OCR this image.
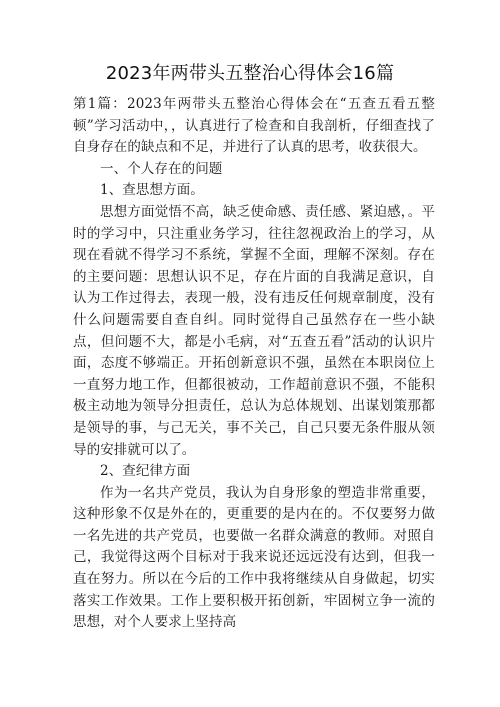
2023年两带头五整治心得体会16篇

第1篇：2023年两带头五整治心得体会在“五查五看五整顿”学习活动中，，认真进行了检查和自我剖析，仔细查找了自身存在的缺点和不足，并进行了认真的思考，收获很大。

一、个人存在的问题

1、查思想方面。

思想方面觉悟不高，缺乏使命感、责任感、紧迫感，。平时的学习中，只注重业务学习，往往忽视政治上的学习，从现在看就不得学习不系统，掌握不全面，理解不深刻。存在的主要问题：思想认识不足，存在片面的自我满足意识，自认为工作过得去，表现一般，没有违反任何规章制度，没有什么问题需要自查自纠。同时觉得自己虽然存在一些小缺点，但问题不大，都是小毛病，对“五查五看”活动的认识片面，态度不够端正。开拓创新意识不强，虽然在本职岗位上一直努力地工作，但都很被动，工作超前意识不强，不能积极主动地为领导分担责任，总认为总体规划、出谋划策那都是领导的事，与己无关，事不关己，自己只要无条件服从领导的安排就可以了。

2、查纪律方面

作为一名共产党员，我认为自身形象的塑造非常重要，这种形象不仅是外在的，更重要的是内在的。不仅要努力做一名先进的共产党员，也要做一名群众满意的教师。对照自己，我觉得这两个目标对于我来说还远远没有达到，但我一直在努力。所以在今后的工作中我将继续从自身做起，切实落实工作效果。工作上要积极开拓创新，牢固树立争一流的思想，对个人要求上坚持高
